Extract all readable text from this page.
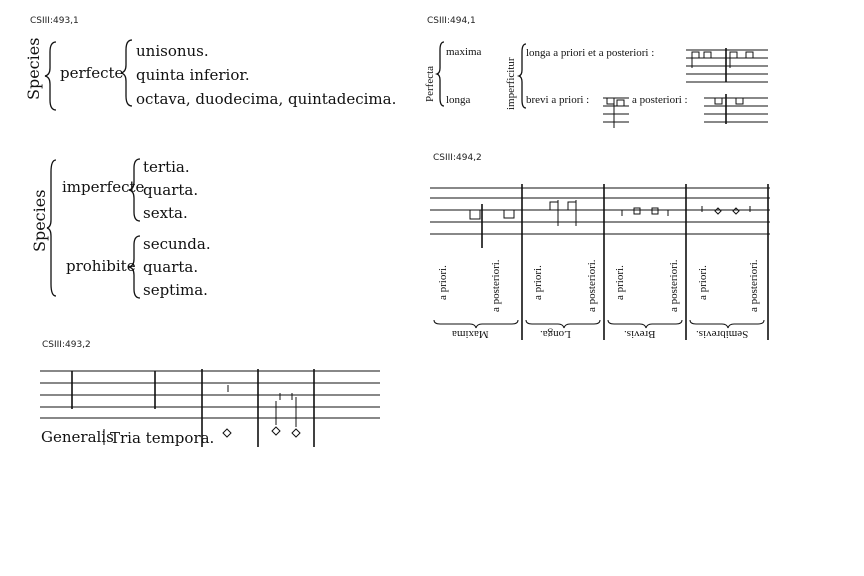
CSIII:493,1
Species perfecte
unisonus.
quinta inferior.
octava, duodecima, quintadecima.
Species
imperfecte
tertia.
quarta.
sexta.
prohibite
secunda.
quarta.
septima.
CSIII:493,2
Generalis
Tria tempora.
CSIII:494,1
Perfecta
maxima
longa	imperficitur
longa a priori et a posteriori :
brevi a priori :	a posteriori :
CSIII:494,2
a priori.	a posteriori.	a priori.	a posteriori. a priori.	a posteriori. a priori.	a posteriori.
Maxima	Longa.	Brevis.	Semibrevis.
